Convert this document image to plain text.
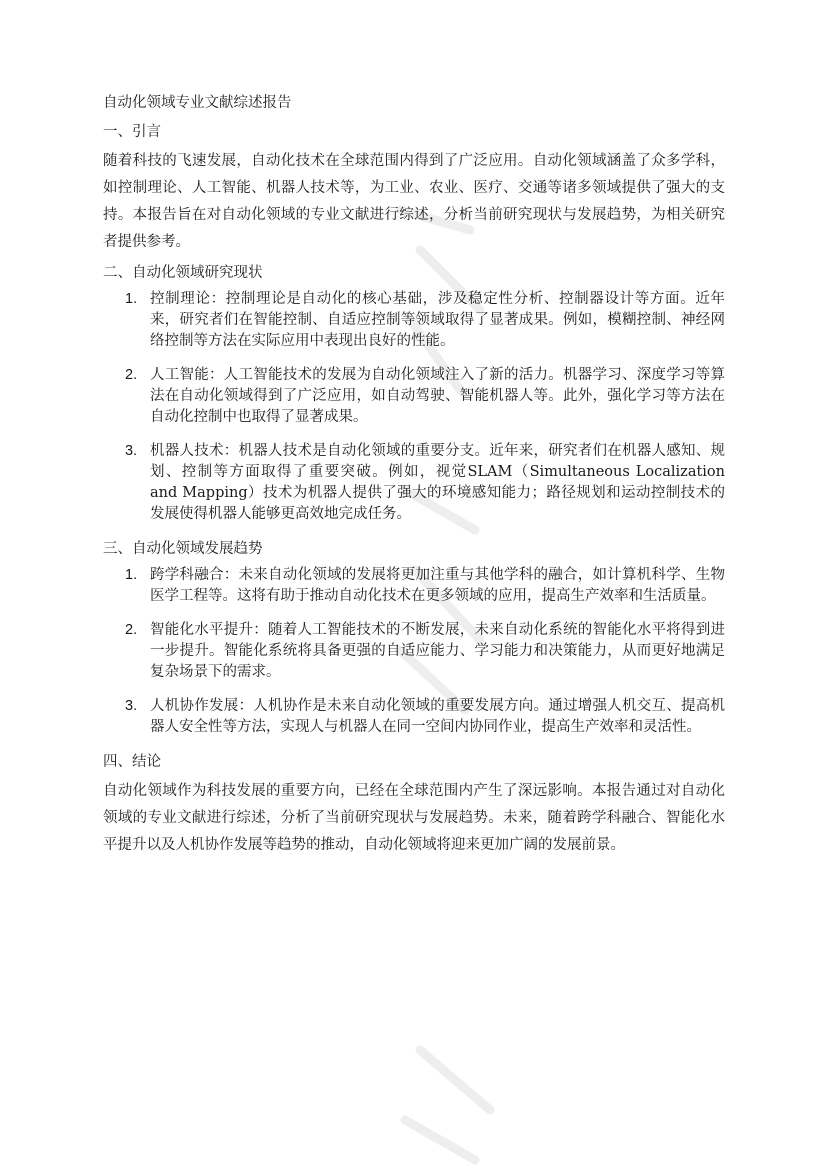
自动化领域专业文献综述报告
一、引言

随着科技的飞速发展，自动化技术在全球范围内得到了广泛应用。自动化领域涵盖了众多学科，如控制理论、人工智能、机器人技术等，为工业、农业、医疗、交通等诸多领域提供了强大的支持。本报告旨在对自动化领域的专业文献进行综述，分析当前研究现状与发展趋势，为相关研究者提供参考。

二、自动化领域研究现状
1. 控制理论：控制理论是自动化的核心基础，涉及稳定性分析、控制器设计等方面。近年来，研究者们在智能控制、自适应控制等领域取得了显著成果。例如，模糊控制、神经网络控制等方法在实际应用中表现出良好的性能。
2. 人工智能：人工智能技术的发展为自动化领域注入了新的活力。机器学习、深度学习等算法在自动化领域得到了广泛应用，如自动驾驶、智能机器人等。此外，强化学习等方法在自动化控制中也取得了显著成果。
3. 机器人技术：机器人技术是自动化领域的重要分支。近年来，研究者们在机器人感知、规划、控制等方面取得了重要突破。例如，视觉SLAM（Simultaneous Localization and Mapping）技术为机器人提供了强大的环境感知能力；路径规划和运动控制技术的发展使得机器人能够更高效地完成任务。
三、自动化领域发展趋势
1. 跨学科融合：未来自动化领域的发展将更加注重与其他学科的融合，如计算机科学、生物医学工程等。这将有助于推动自动化技术在更多领域的应用，提高生产效率和生活质量。
2. 智能化水平提升：随着人工智能技术的不断发展，未来自动化系统的智能化水平将得到进一步提升。智能化系统将具备更强的自适应能力、学习能力和决策能力，从而更好地满足复杂场景下的需求。
3. 人机协作发展：人机协作是未来自动化领域的重要发展方向。通过增强人机交互、提高机器人安全性等方法，实现人与机器人在同一空间内协同作业，提高生产效率和灵活性。
四、结论

自动化领域作为科技发展的重要方向，已经在全球范围内产生了深远影响。本报告通过对自动化领域的专业文献进行综述，分析了当前研究现状与发展趋势。未来，随着跨学科融合、智能化水平提升以及人机协作发展等趋势的推动，自动化领域将迎来更加广阔的发展前景。
